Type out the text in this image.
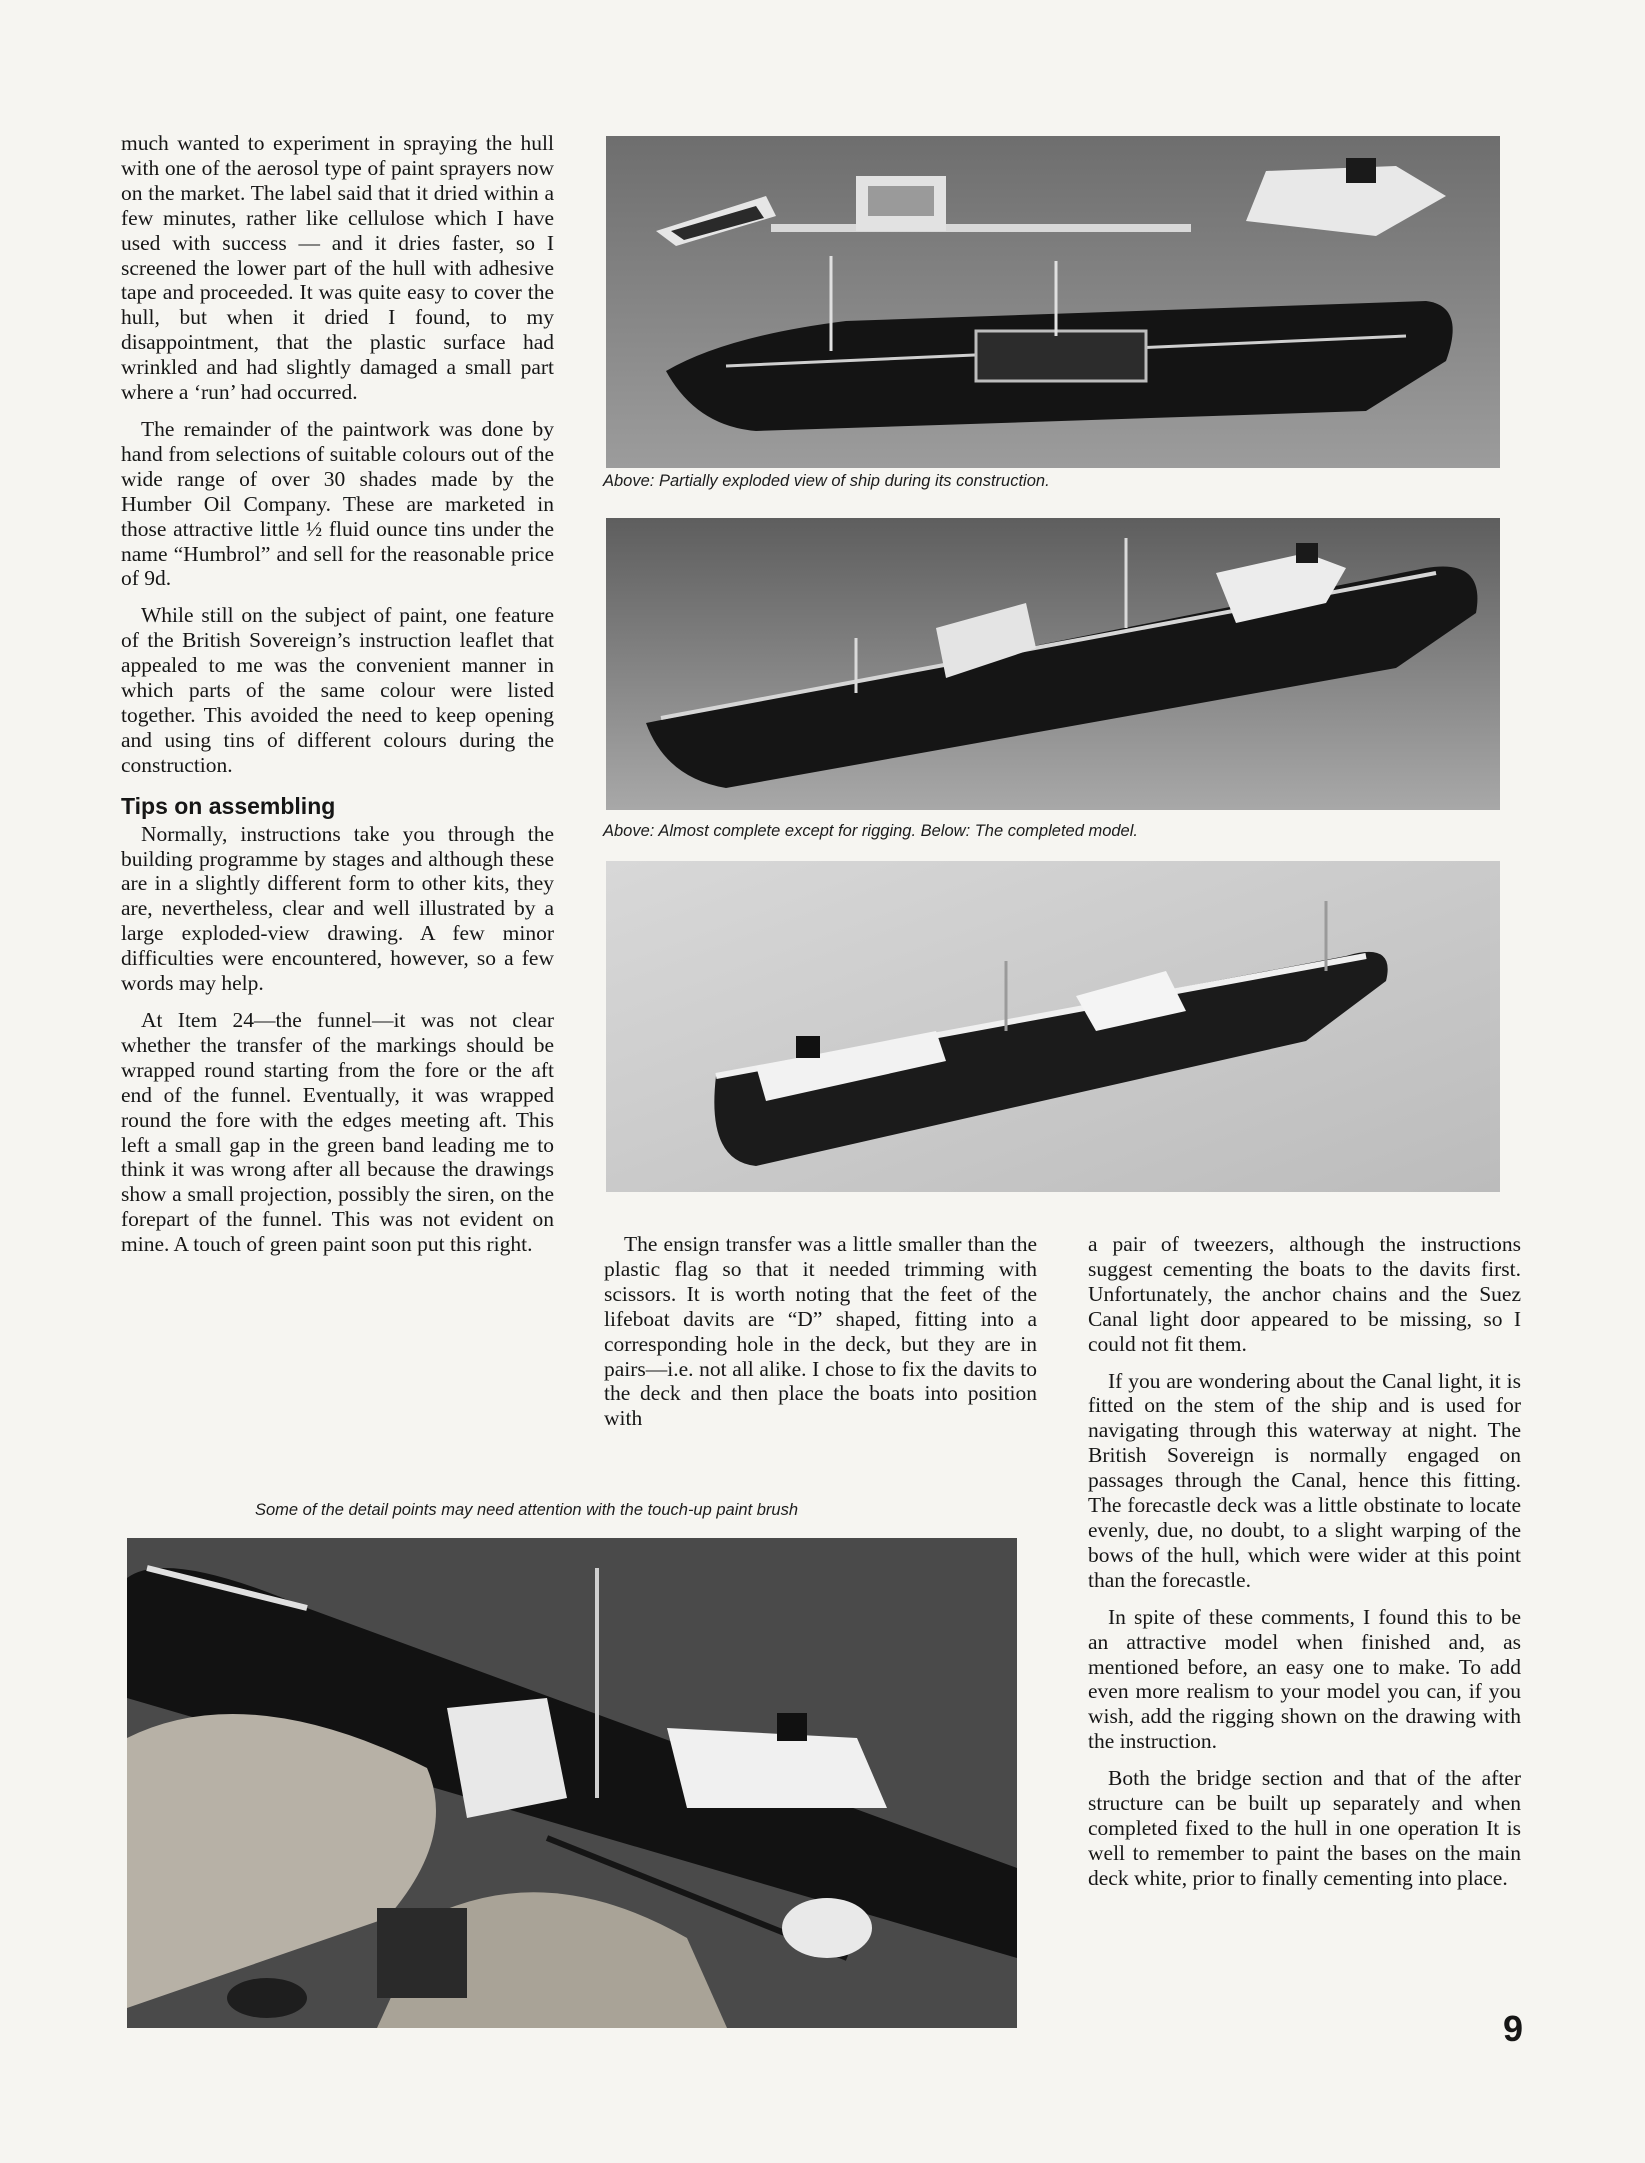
much wanted to experiment in spraying the hull with one of the aerosol type of paint sprayers now on the market. The label said that it dried within a few minutes, rather like cellulose which I have used with success — and it dries faster, so I screened the lower part of the hull with adhesive tape and proceeded. It was quite easy to cover the hull, but when it dried I found, to my disappointment, that the plastic surface had wrinkled and had slightly damaged a small part where a ‘run’ had occurred.

The remainder of the paintwork was done by hand from selections of suitable colours out of the wide range of over 30 shades made by the Humber Oil Company. These are marketed in those attractive little ½ fluid ounce tins under the name “Humbrol” and sell for the reasonable price of 9d.

While still on the subject of paint, one feature of the British Sovereign’s instruction leaflet that appealed to me was the convenient manner in which parts of the same colour were listed together. This avoided the need to keep opening and using tins of different colours during the construction.

Tips on assembling

Normally, instructions take you through the building programme by stages and although these are in a slightly different form to other kits, they are, nevertheless, clear and well illustrated by a large exploded-view drawing. A few minor difficulties were encountered, however, so a few words may help.

At Item 24—the funnel—it was not clear whether the transfer of the markings should be wrapped round starting from the fore or the aft end of the funnel. Eventually, it was wrapped round the fore with the edges meeting aft. This left a small gap in the green band leading me to think it was wrong after all because the drawings show a small projection, possibly the siren, on the forepart of the funnel. This was not evident on mine. A touch of green paint soon put this right.

Above: Partially exploded view of ship during its construction.
Above: Almost complete except for rigging. Below: The completed model.

The ensign transfer was a little smaller than the plastic flag so that it needed trimming with scissors. It is worth noting that the feet of the lifeboat davits are “D” shaped, fitting into a corresponding hole in the deck, but they are in pairs—i.e. not all alike. I chose to fix the davits to the deck and then place the boats into position with

a pair of tweezers, although the instructions suggest cementing the boats to the davits first. Unfortunately, the anchor chains and the Suez Canal light door appeared to be missing, so I could not fit them.

If you are wondering about the Canal light, it is fitted on the stem of the ship and is used for navigating through this waterway at night. The British Sovereign is normally engaged on passages through the Canal, hence this fitting. The forecastle deck was a little obstinate to locate evenly, due, no doubt, to a slight warping of the bows of the hull, which were wider at this point than the forecastle.

In spite of these comments, I found this to be an attractive model when finished and, as mentioned before, an easy one to make. To add even more realism to your model you can, if you wish, add the rigging shown on the drawing with the instruction.

Both the bridge section and that of the after structure can be built up separately and when completed fixed to the hull in one operation It is well to remember to paint the bases on the main deck white, prior to finally cementing into place.

Some of the detail points may need attention with the touch-up paint brush
9
